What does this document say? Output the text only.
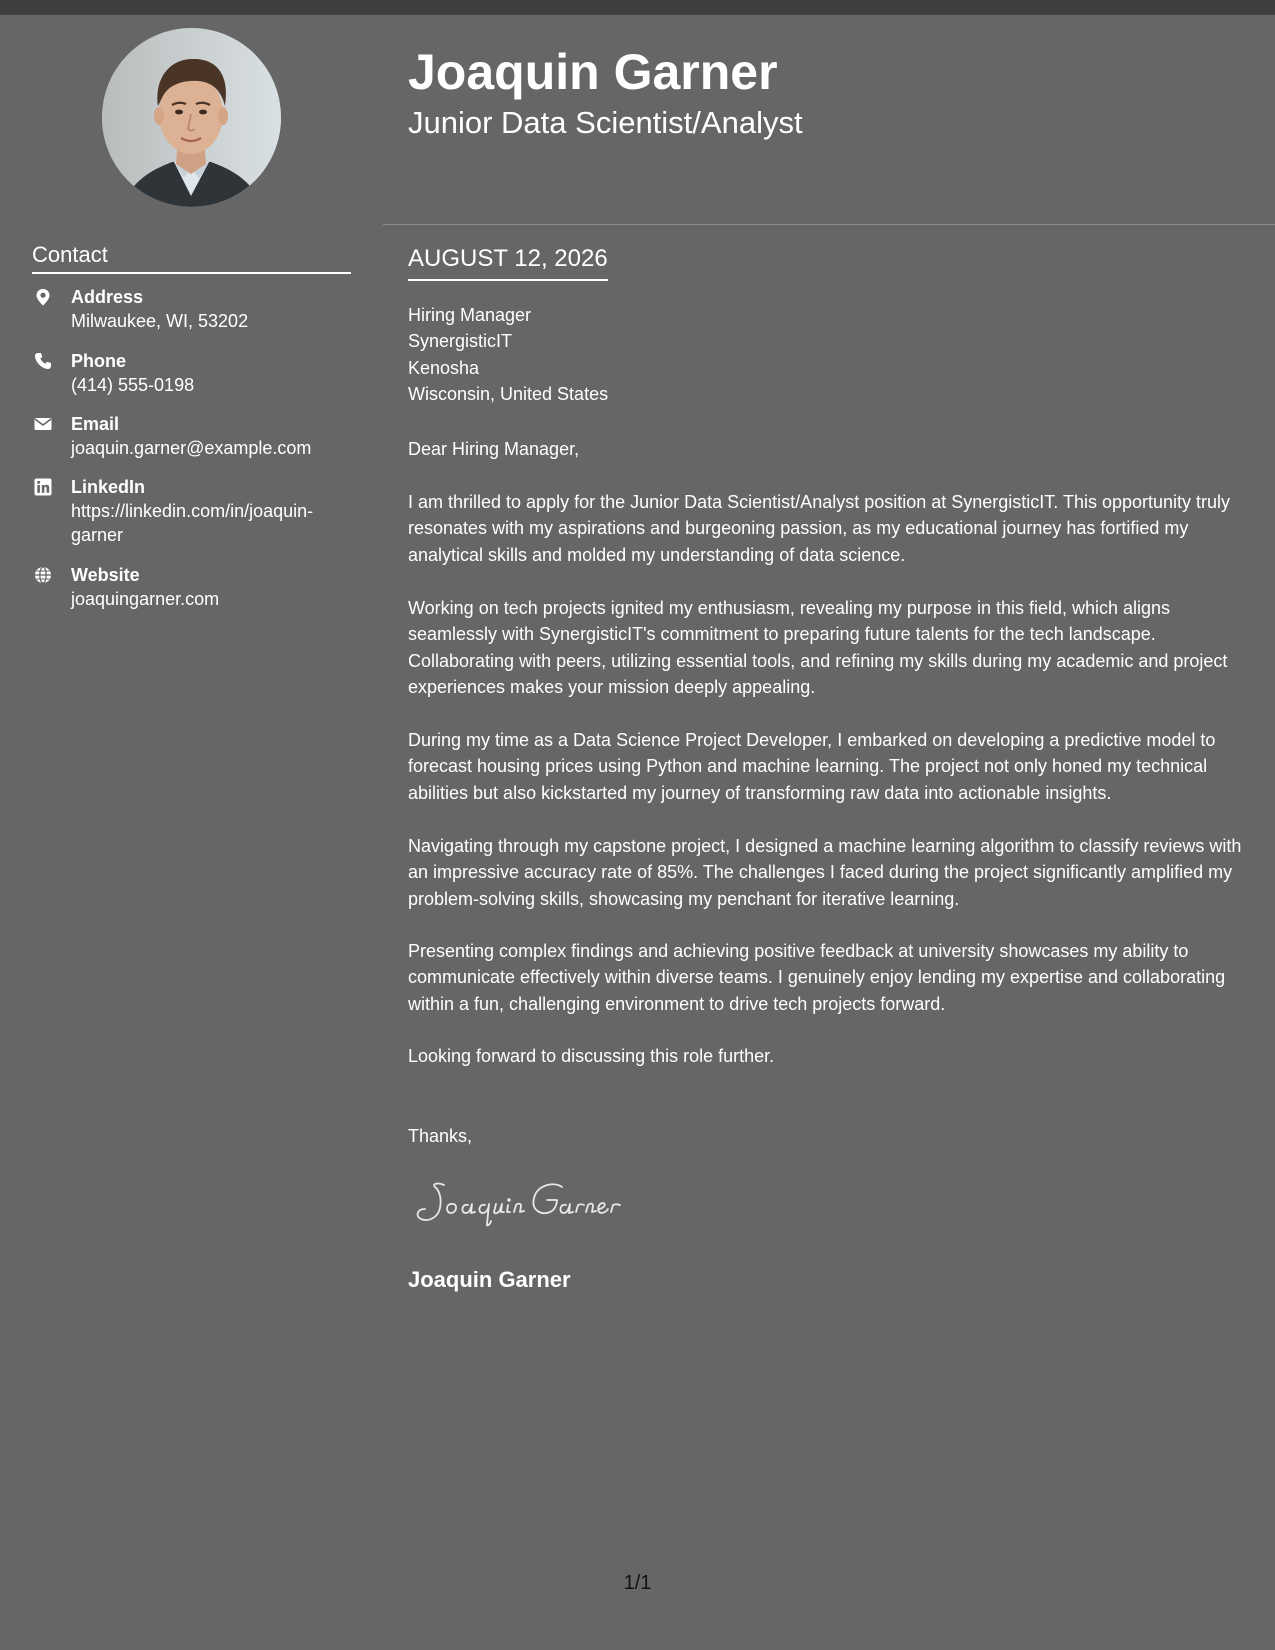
Joaquin Garner
Junior Data Scientist/Analyst
Contact
Address
Milwaukee, WI, 53202
Phone
(414) 555-0198
Email
joaquin.garner@example.com
LinkedIn
https://linkedin.com/in/joaquin-garner
Website
joaquingarner.com
AUGUST 12, 2026
Hiring Manager
SynergisticIT
Kenosha
Wisconsin, United States

Dear Hiring Manager,

I am thrilled to apply for the Junior Data Scientist/Analyst position at SynergisticIT. This opportunity truly resonates with my aspirations and burgeoning passion, as my educational journey has fortified my analytical skills and molded my understanding of data science.

Working on tech projects ignited my enthusiasm, revealing my purpose in this field, which aligns seamlessly with SynergisticIT's commitment to preparing future talents for the tech landscape. Collaborating with peers, utilizing essential tools, and refining my skills during my academic and project experiences makes your mission deeply appealing.

During my time as a Data Science Project Developer, I embarked on developing a predictive model to forecast housing prices using Python and machine learning. The project not only honed my technical abilities but also kickstarted my journey of transforming raw data into actionable insights.

Navigating through my capstone project, I designed a machine learning algorithm to classify reviews with an impressive accuracy rate of 85%. The challenges I faced during the project significantly amplified my problem-solving skills, showcasing my penchant for iterative learning.

Presenting complex findings and achieving positive feedback at university showcases my ability to communicate effectively within diverse teams. I genuinely enjoy lending my expertise and collaborating within a fun, challenging environment to drive tech projects forward.

Looking forward to discussing this role further.

Thanks,

Joaquin Garner
1/1
